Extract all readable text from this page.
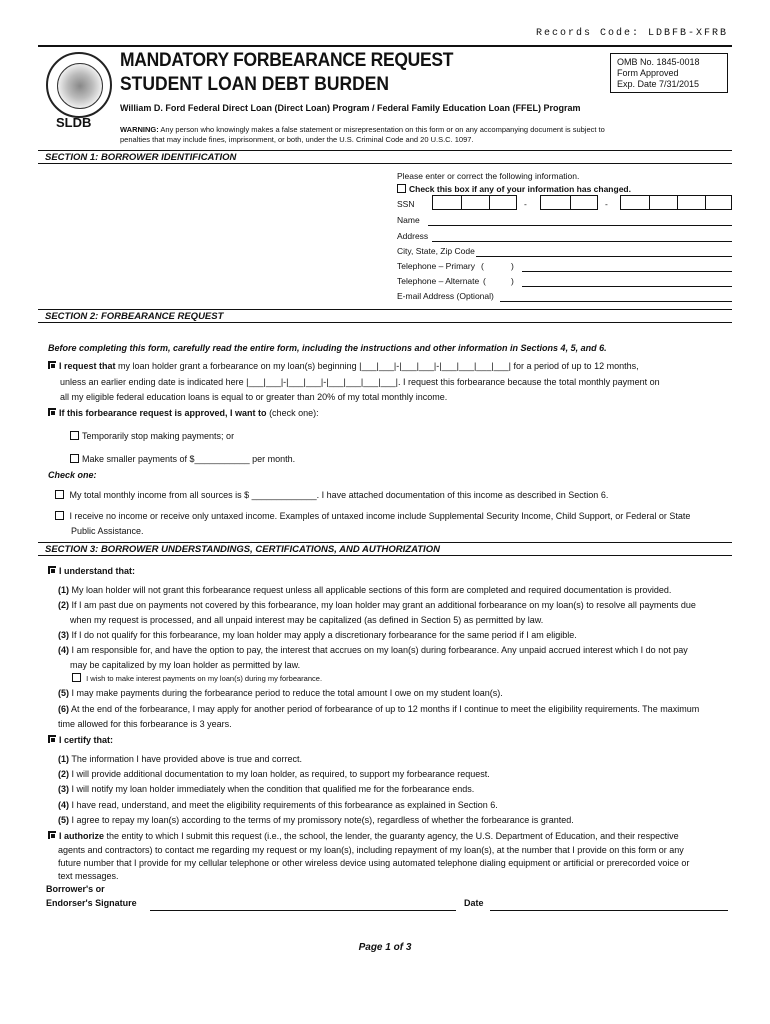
Records Code: LDBFB-XFRB
SLDB
MANDATORY FORBEARANCE REQUEST
STUDENT LOAN DEBT BURDEN
OMB No. 1845-0018
Form Approved
Exp. Date 7/31/2015
William D. Ford Federal Direct Loan (Direct Loan) Program / Federal Family Education Loan (FFEL) Program
WARNING: Any person who knowingly makes a false statement or misrepresentation on this form or on any accompanying document is subject to penalties that may include fines, imprisonment, or both, under the U.S. Criminal Code and 20 U.S.C. 1097.
SECTION 1: BORROWER IDENTIFICATION
Please enter or correct the following information.
Check this box if any of your information has changed.
SSN	-	-
Name
Address
City, State, Zip Code
Telephone – Primary (	)
Telephone – Alternate (	)
E-mail Address (Optional)
SECTION 2: FORBEARANCE REQUEST
Before completing this form, carefully read the entire form, including the instructions and other information in Sections 4, 5, and 6.
I request that my loan holder grant a forbearance on my loan(s) beginning |___|___|-|___|___|-|___|___|___|___| for a period of up to 12 months,
unless an earlier ending date is indicated here |___|___|-|___|___|-|___|___|___|___|. I request this forbearance because the total monthly payment on
all my eligible federal education loans is equal to or greater than 20% of my total monthly income.
If this forbearance request is approved, I want to (check one):
Temporarily stop making payments; or
Make smaller payments of $___________ per month.
Check one:
My total monthly income from all sources is $ _____________. I have attached documentation of this income as described in Section 6.
I receive no income or receive only untaxed income. Examples of untaxed income include Supplemental Security Income, Child Support, or Federal or State
Public Assistance.
SECTION 3: BORROWER UNDERSTANDINGS, CERTIFICATIONS, AND AUTHORIZATION
I understand that:
(1) My loan holder will not grant this forbearance request unless all applicable sections of this form are completed and required documentation is provided.
(2) If I am past due on payments not covered by this forbearance, my loan holder may grant an additional forbearance on my loan(s) to resolve all payments due
when my request is processed, and all unpaid interest may be capitalized (as defined in Section 5) as permitted by law.
(3) If I do not qualify for this forbearance, my loan holder may apply a discretionary forbearance for the same period if I am eligible.
(4) I am responsible for, and have the option to pay, the interest that accrues on my loan(s) during forbearance. Any unpaid accrued interest which I do not pay
may be capitalized by my loan holder as permitted by law.
I wish to make interest payments on my loan(s) during my forbearance.
(5) I may make payments during the forbearance period to reduce the total amount I owe on my student loan(s).
(6) At the end of the forbearance, I may apply for another period of forbearance of up to 12 months if I continue to meet the eligibility requirements. The maximum
time allowed for this forbearance is 3 years.
I certify that:
(1) The information I have provided above is true and correct.
(2) I will provide additional documentation to my loan holder, as required, to support my forbearance request.
(3) I will notify my loan holder immediately when the condition that qualified me for the forbearance ends.
(4) I have read, understand, and meet the eligibility requirements of this forbearance as explained in Section 6.
(5) I agree to repay my loan(s) according to the terms of my promissory note(s), regardless of whether the forbearance is granted.
I authorize the entity to which I submit this request (i.e., the school, the lender, the guaranty agency, the U.S. Department of Education, and their respective
agents and contractors) to contact me regarding my request or my loan(s), including repayment of my loan(s), at the number that I provide on this form or any
future number that I provide for my cellular telephone or other wireless device using automated telephone dialing equipment or artificial or prerecorded voice or
text messages.
Borrower's or
Endorser's Signature	Date
Page 1 of 3
